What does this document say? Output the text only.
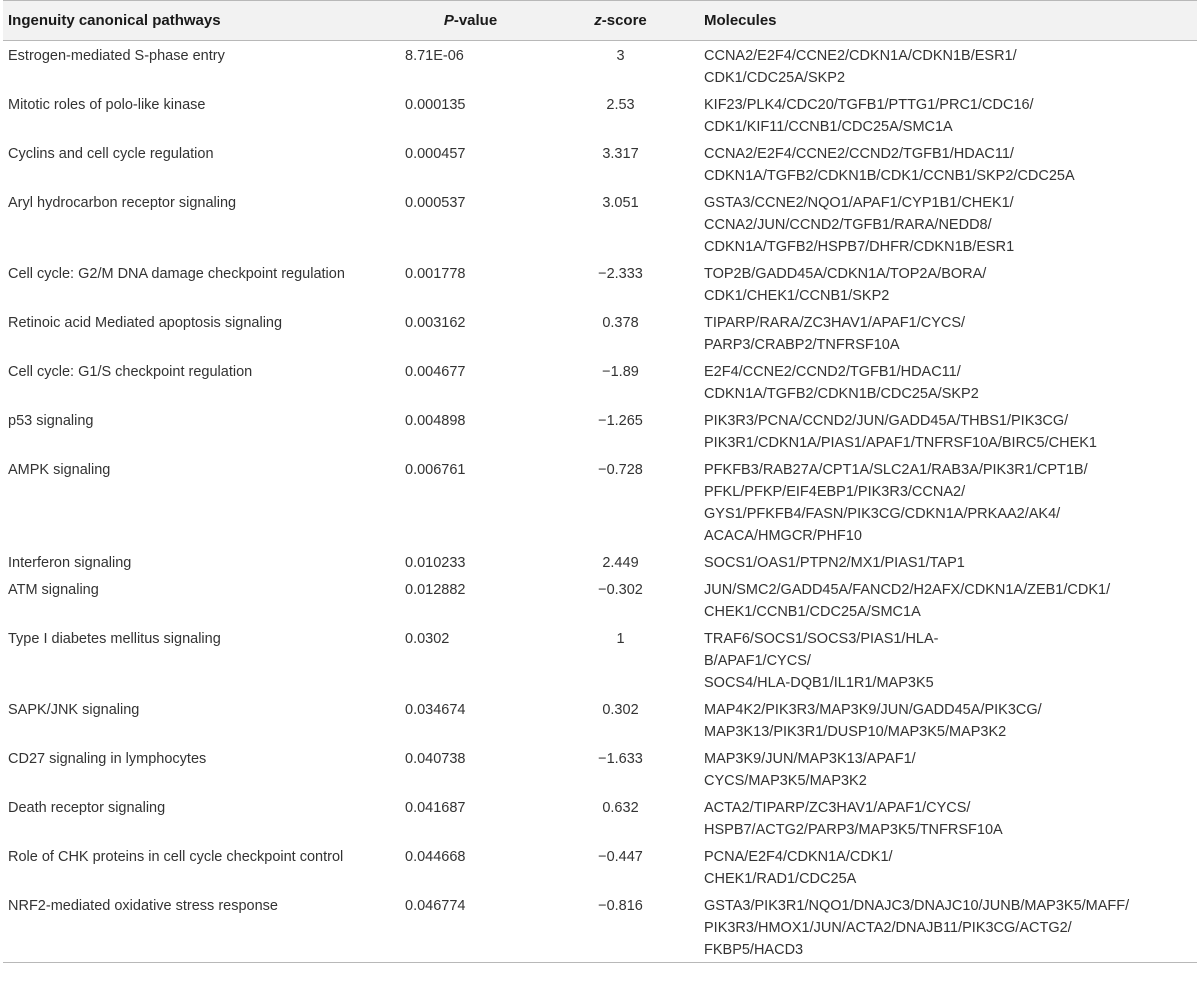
Ingenuity canonical pathways	P-value	z-score	Molecules
Estrogen-mediated S-phase entry	8.71E-06	3	CCNA2/E2F4/CCNE2/CDKN1A/CDKN1B/ESR1/
CDK1/CDC25A/SKP2

Mitotic roles of polo-like kinase	0.000135	2.53	KIF23/PLK4/CDC20/TGFB1/PTTG1/PRC1/CDC16/
CDK1/KIF11/CCNB1/CDC25A/SMC1A

Cyclins and cell cycle regulation	0.000457	3.317	CCNA2/E2F4/CCNE2/CCND2/TGFB1/HDAC11/
CDKN1A/TGFB2/CDKN1B/CDK1/CCNB1/SKP2/CDC25A

Aryl hydrocarbon receptor signaling	0.000537	3.051	GSTA3/CCNE2/NQO1/APAF1/CYP1B1/CHEK1/
CCNA2/JUN/CCND2/TGFB1/RARA/NEDD8/
CDKN1A/TGFB2/HSPB7/DHFR/CDKN1B/ESR1

Cell cycle: G2/M DNA damage checkpoint regulation	0.001778	−2.333	TOP2B/GADD45A/CDKN1A/TOP2A/BORA/
CDK1/CHEK1/CCNB1/SKP2

Retinoic acid Mediated apoptosis signaling	0.003162	0.378	TIPARP/RARA/ZC3HAV1/APAF1/CYCS/
PARP3/CRABP2/TNFRSF10A

Cell cycle: G1/S checkpoint regulation	0.004677	−1.89	E2F4/CCNE2/CCND2/TGFB1/HDAC11/
CDKN1A/TGFB2/CDKN1B/CDC25A/SKP2

p53 signaling	0.004898	−1.265	PIK3R3/PCNA/CCND2/JUN/GADD45A/THBS1/PIK3CG/
PIK3R1/CDKN1A/PIAS1/APAF1/TNFRSF10A/BIRC5/CHEK1

AMPK signaling	0.006761	−0.728	PFKFB3/RAB27A/CPT1A/SLC2A1/RAB3A/PIK3R1/CPT1B/
PFKL/PFKP/EIF4EBP1/PIK3R3/CCNA2/
GYS1/PFKFB4/FASN/PIK3CG/CDKN1A/PRKAA2/AK4/
ACACA/HMGCR/PHF10

Interferon signaling	0.010233	2.449	SOCS1/OAS1/PTPN2/MX1/PIAS1/TAP1

ATM signaling	0.012882	−0.302	JUN/SMC2/GADD45A/FANCD2/H2AFX/CDKN1A/ZEB1/CDK1/
CHEK1/CCNB1/CDC25A/SMC1A

Type I diabetes mellitus signaling	0.0302	1	TRAF6/SOCS1/SOCS3/PIAS1/HLA-
B/APAF1/CYCS/
SOCS4/HLA-DQB1/IL1R1/MAP3K5

SAPK/JNK signaling	0.034674	0.302	MAP4K2/PIK3R3/MAP3K9/JUN/GADD45A/PIK3CG/
MAP3K13/PIK3R1/DUSP10/MAP3K5/MAP3K2

CD27 signaling in lymphocytes	0.040738	−1.633	MAP3K9/JUN/MAP3K13/APAF1/
CYCS/MAP3K5/MAP3K2

Death receptor signaling	0.041687	0.632	ACTA2/TIPARP/ZC3HAV1/APAF1/CYCS/
HSPB7/ACTG2/PARP3/MAP3K5/TNFRSF10A

Role of CHK proteins in cell cycle checkpoint control	0.044668	−0.447	PCNA/E2F4/CDKN1A/CDK1/
CHEK1/RAD1/CDC25A

NRF2-mediated oxidative stress response	0.046774	−0.816	GSTA3/PIK3R1/NQO1/DNAJC3/DNAJC10/JUNB/MAP3K5/MAFF/
PIK3R3/HMOX1/JUN/ACTA2/DNAJB11/PIK3CG/ACTG2/
FKBP5/HACD3
